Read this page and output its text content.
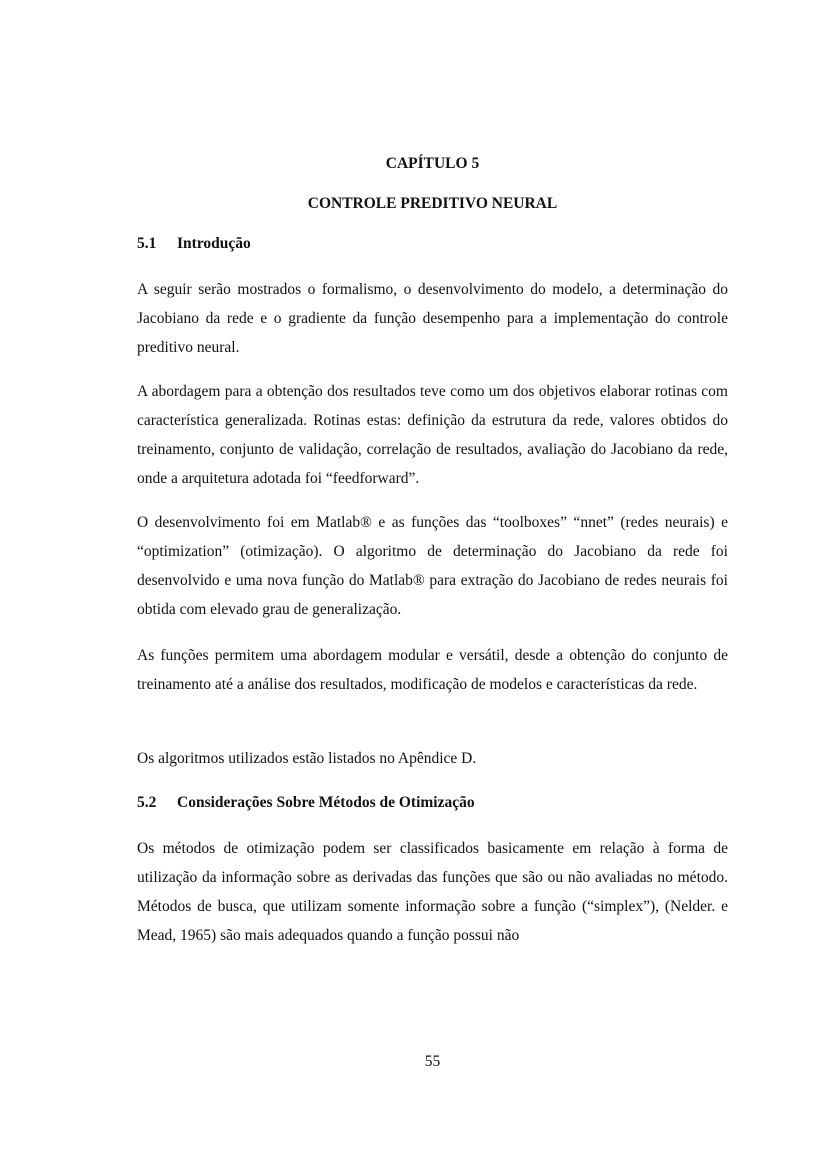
CAPÍTULO 5
CONTROLE PREDITIVO NEURAL
5.1 Introdução

A seguir serão mostrados o formalismo, o desenvolvimento do modelo, a determinação do Jacobiano da rede e o gradiente da função desempenho para a implementação do controle preditivo neural.

A abordagem para a obtenção dos resultados teve como um dos objetivos elaborar rotinas com característica generalizada. Rotinas estas: definição da estrutura da rede, valores obtidos do treinamento, conjunto de validação, correlação de resultados, avaliação do Jacobiano da rede, onde a arquitetura adotada foi “feedforward”.

O desenvolvimento foi em Matlab® e as funções das “toolboxes” “nnet” (redes neurais) e “optimization” (otimização). O algoritmo de determinação do Jacobiano da rede foi desenvolvido e uma nova função do Matlab® para extração do Jacobiano de redes neurais foi obtida com elevado grau de generalização.

As funções permitem uma abordagem modular e versátil, desde a obtenção do conjunto de treinamento até a análise dos resultados, modificação de modelos e características da rede.

Os algoritmos utilizados estão listados no Apêndice D.

5.2 Considerações Sobre Métodos de Otimização

Os métodos de otimização podem ser classificados basicamente em relação à forma de utilização da informação sobre as derivadas das funções que são ou não avaliadas no método. Métodos de busca, que utilizam somente informação sobre a função (“simplex”), (Nelder. e Mead, 1965) são mais adequados quando a função possui não

55
